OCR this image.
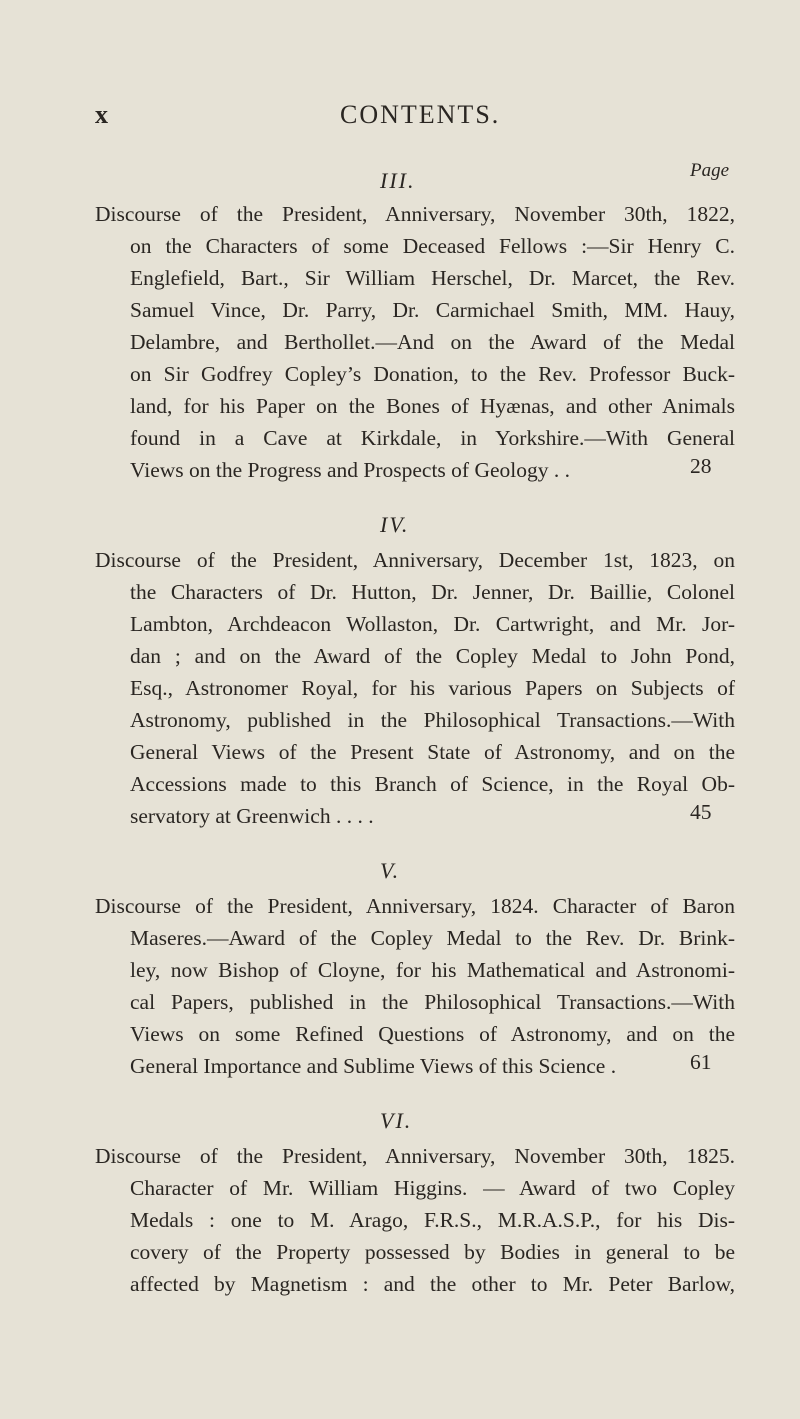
x	CONTENTS.
Page
III.
Discourse of the President, Anniversary, November 30th, 1822,
on the Characters of some Deceased Fellows :—Sir Henry C.
Englefield, Bart., Sir William Herschel, Dr. Marcet, the Rev.
Samuel Vince, Dr. Parry, Dr. Carmichael Smith, MM. Hauy,
Delambre, and Berthollet.—And on the Award of the Medal
on Sir Godfrey Copley’s Donation, to the Rev. Professor Buck-
land, for his Paper on the Bones of Hyænas, and other Animals
found in a Cave at Kirkdale, in Yorkshire.—With General
Views on the Progress and Prospects of Geology . .	28
IV.
Discourse of the President, Anniversary, December 1st, 1823, on
the Characters of Dr. Hutton, Dr. Jenner, Dr. Baillie, Colonel
Lambton, Archdeacon Wollaston, Dr. Cartwright, and Mr. Jor-
dan ; and on the Award of the Copley Medal to John Pond,
Esq., Astronomer Royal, for his various Papers on Subjects of
Astronomy, published in the Philosophical Transactions.—With
General Views of the Present State of Astronomy, and on the
Accessions made to this Branch of Science, in the Royal Ob-
servatory at Greenwich . . . .	45
V.
Discourse of the President, Anniversary, 1824. Character of Baron
Maseres.—Award of the Copley Medal to the Rev. Dr. Brink-
ley, now Bishop of Cloyne, for his Mathematical and Astronomi-
cal Papers, published in the Philosophical Transactions.—With
Views on some Refined Questions of Astronomy, and on the
General Importance and Sublime Views of this Science .	61
VI.
Discourse of the President, Anniversary, November 30th, 1825.
Character of Mr. William Higgins. — Award of two Copley
Medals : one to M. Arago, F.R.S., M.R.A.S.P., for his Dis-
covery of the Property possessed by Bodies in general to be
affected by Magnetism : and the other to Mr. Peter Barlow,
